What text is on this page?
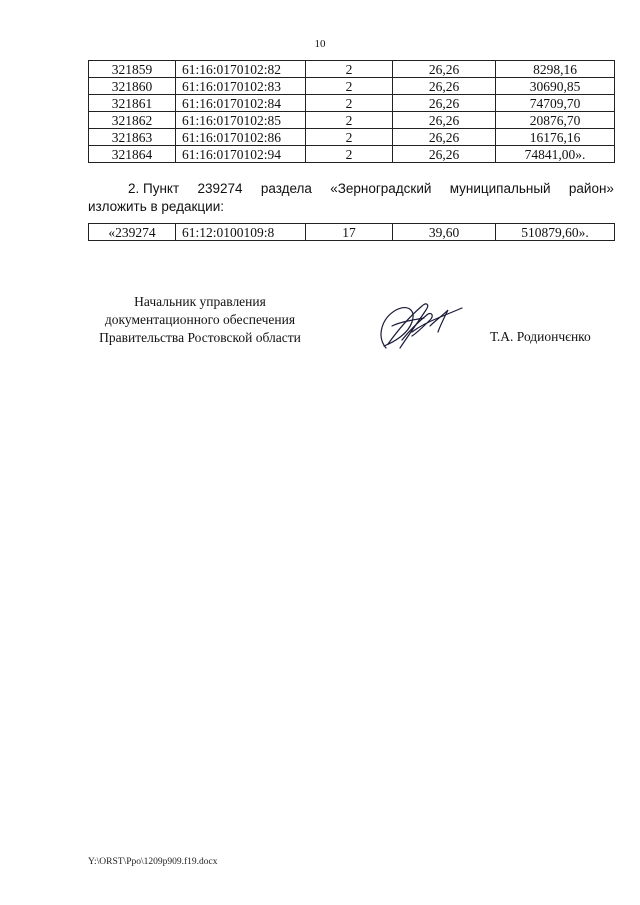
10
321859	61:16:0170102:82	2	26,26	8298,16
321860	61:16:0170102:83	2	26,26	30690,85
321861	61:16:0170102:84	2	26,26	74709,70
321862	61:16:0170102:85	2	26,26	20876,70
321863	61:16:0170102:86	2	26,26	16176,16
321864	61:16:0170102:94	2	26,26	74841,00».
2. Пункт 239274 раздела «Зерноградский муниципальный район»
изложить в редакции:
«239274	61:12:0100109:8	17	39,60	510879,60».
Начальник управления
документационного обеспечения
Правительства Ростовской области	Т.А. Родиончєнко
Y:\ORST\Ppo\1209p909.f19.docx
